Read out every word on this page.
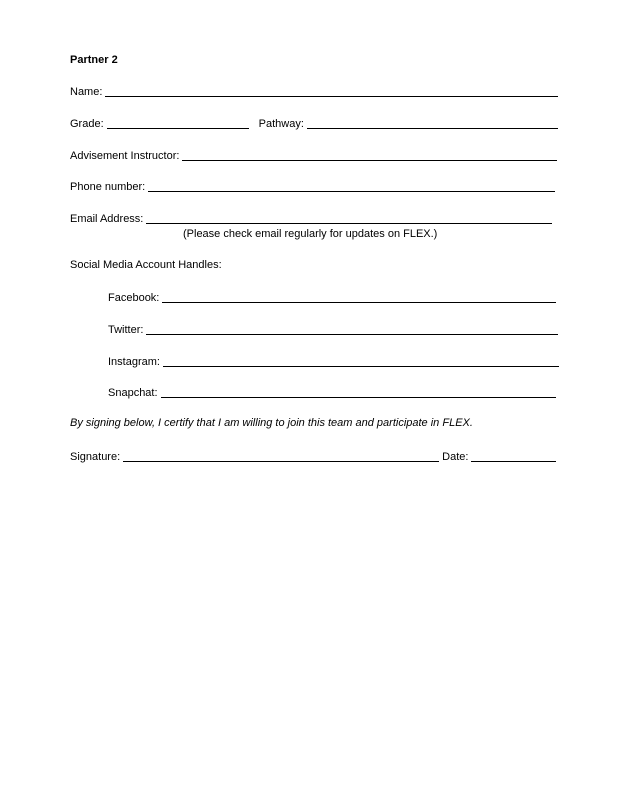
Partner 2
Name:
Grade:	Pathway:
Advisement Instructor:
Phone number:
Email Address:
(Please check email regularly for updates on FLEX.)
Social Media Account Handles:
Facebook:
Twitter:
Instagram:
Snapchat:
By signing below, I certify that I am willing to join this team and participate in FLEX.
Signature:	Date:
